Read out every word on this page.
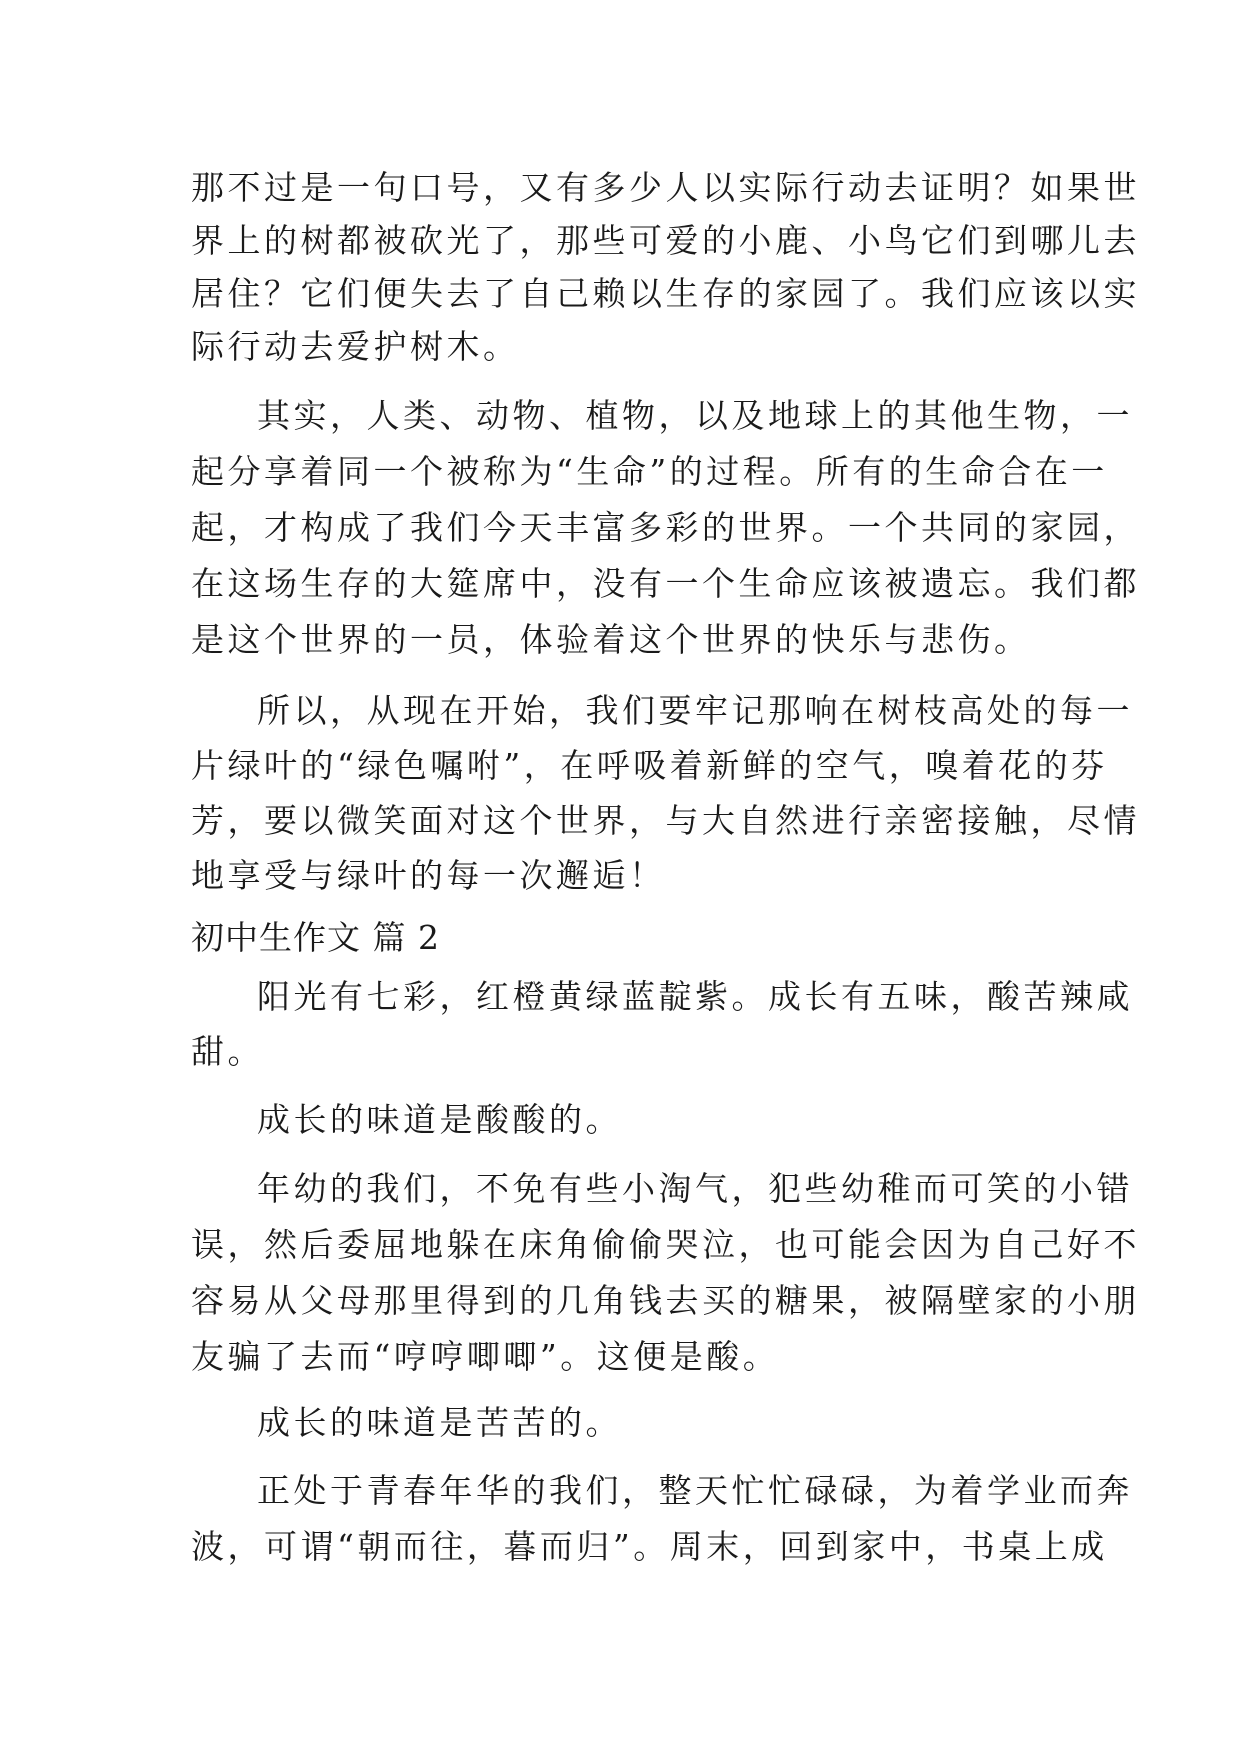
那不过是一句口号，又有多少人以实际行动去证明？如果世
界上的树都被砍光了，那些可爱的小鹿、小鸟它们到哪儿去
居住？它们便失去了自己赖以生存的家园了。我们应该以实
际行动去爱护树木。
其实，人类、动物、植物，以及地球上的其他生物，一
起分享着同一个被称为“生命”的过程。所有的生命合在一
起，才构成了我们今天丰富多彩的世界。一个共同的家园，
在这场生存的大筵席中，没有一个生命应该被遗忘。我们都
是这个世界的一员，体验着这个世界的快乐与悲伤。
所以，从现在开始，我们要牢记那响在树枝高处的每一
片绿叶的“绿色嘱咐”，在呼吸着新鲜的空气，嗅着花的芬
芳，要以微笑面对这个世界，与大自然进行亲密接触，尽情
地享受与绿叶的每一次邂逅！
初中生作文 篇 2
阳光有七彩，红橙黄绿蓝靛紫。成长有五味，酸苦辣咸
甜。
成长的味道是酸酸的。
年幼的我们，不免有些小淘气，犯些幼稚而可笑的小错
误，然后委屈地躲在床角偷偷哭泣，也可能会因为自己好不
容易从父母那里得到的几角钱去买的糖果，被隔壁家的小朋
友骗了去而“哼哼唧唧”。这便是酸。
成长的味道是苦苦的。
正处于青春年华的我们，整天忙忙碌碌，为着学业而奔
波，可谓“朝而往，暮而归”。周末，回到家中，书桌上成
